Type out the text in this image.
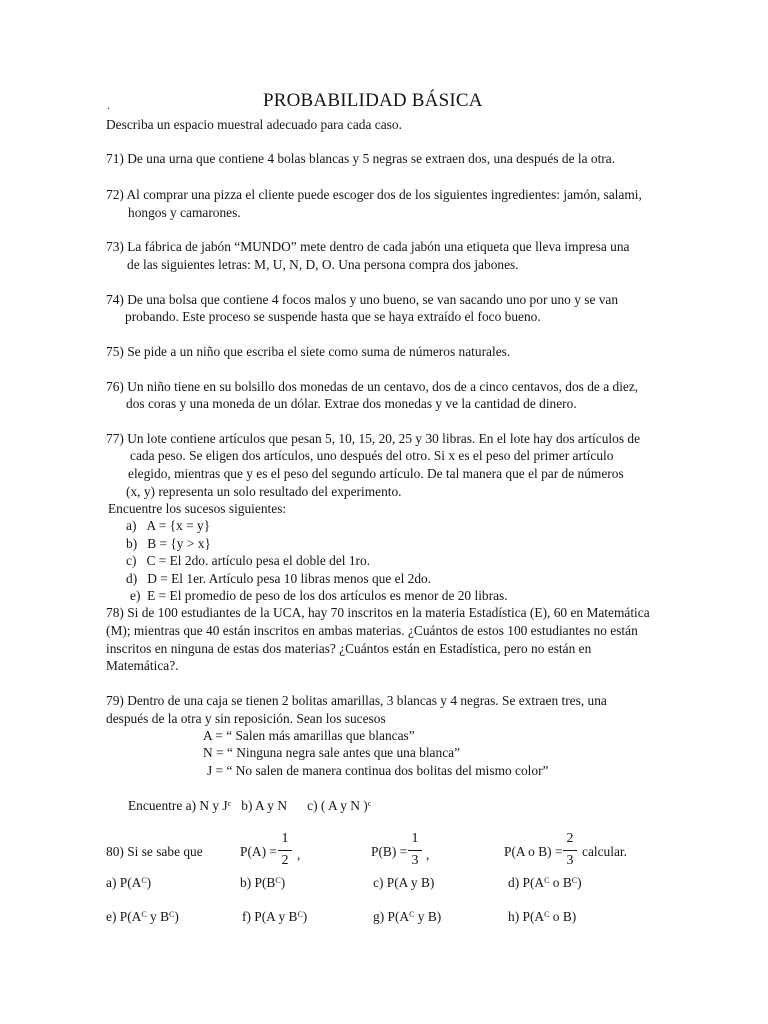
.	PROBABILIDAD BÁSICA
Describa un espacio muestral adecuado para cada caso.
71) De una urna que contiene 4 bolas blancas y 5 negras se extraen dos, una después de la otra.
72) Al comprar una pizza el cliente puede escoger dos de los siguientes ingredientes: jamón, salami,
hongos y camarones.
73) La fábrica de jabón “MUNDO” mete dentro de cada jabón una etiqueta que lleva impresa una
de las siguientes letras: M, U, N, D, O. Una persona compra dos jabones.
74) De una bolsa que contiene 4 focos malos y uno bueno, se van sacando uno por uno y se van
probando. Este proceso se suspende hasta que se haya extraído el foco bueno.
75) Se pide a un niño que escriba el siete como suma de números naturales.
76) Un niño tiene en su bolsillo dos monedas de un centavo, dos de a cinco centavos, dos de a diez,
dos coras y una moneda de un dólar. Extrae dos monedas y ve la cantidad de dinero.
77) Un lote contiene artículos que pesan 5, 10, 15, 20, 25 y 30 libras. En el lote hay dos artículos de
cada peso. Se eligen dos artículos, uno después del otro. Si x es el peso del primer artículo
elegido, mientras que y es el peso del segundo artículo. De tal manera que el par de números
(x, y) representa un solo resultado del experimento.
Encuentre los sucesos siguientes:
a) A = {x = y}
b) B = {y > x}
c) C = El 2do. artículo pesa el doble del 1ro.
d) D = El 1er. Artículo pesa 10 libras menos que el 2do.
e) E = El promedio de peso de los dos artículos es menor de 20 libras.
78) Si de 100 estudiantes de la UCA, hay 70 inscritos en la materia Estadística (E), 60 en Matemática
(M); mientras que 40 están inscritos en ambas materias. ¿Cuántos de estos 100 estudiantes no están
inscritos en ninguna de estas dos materias? ¿Cuántos están en Estadística, pero no están en
Matemática?.
79) Dentro de una caja se tienen 2 bolitas amarillas, 3 blancas y 4 negras. Se extraen tres, una
después de la otra y sin reposición. Sean los sucesos
A = “ Salen más amarillas que blancas”
N = “ Ninguna negra sale antes que una blanca”
J = “ No salen de manera continua dos bolitas del mismo color”
Encuentre a) N y $J^c$ b) A y N c) ( A y N )$^c$
80) Si se sabe que	P(A) =
1
2 ,	P(B) =
1
3 ,	P(A o B) =
2
3
calcular.
a) $P(A^C)$	b) $P(B^C)$	c) P(A y B)	d) $P(A^C$ o $B^C$)
e) $P(A^C$ y $B^C$)	f) P(A y $B^C$)	g) $P(A^C$ y B)	h) $P(A^C$ o B)
